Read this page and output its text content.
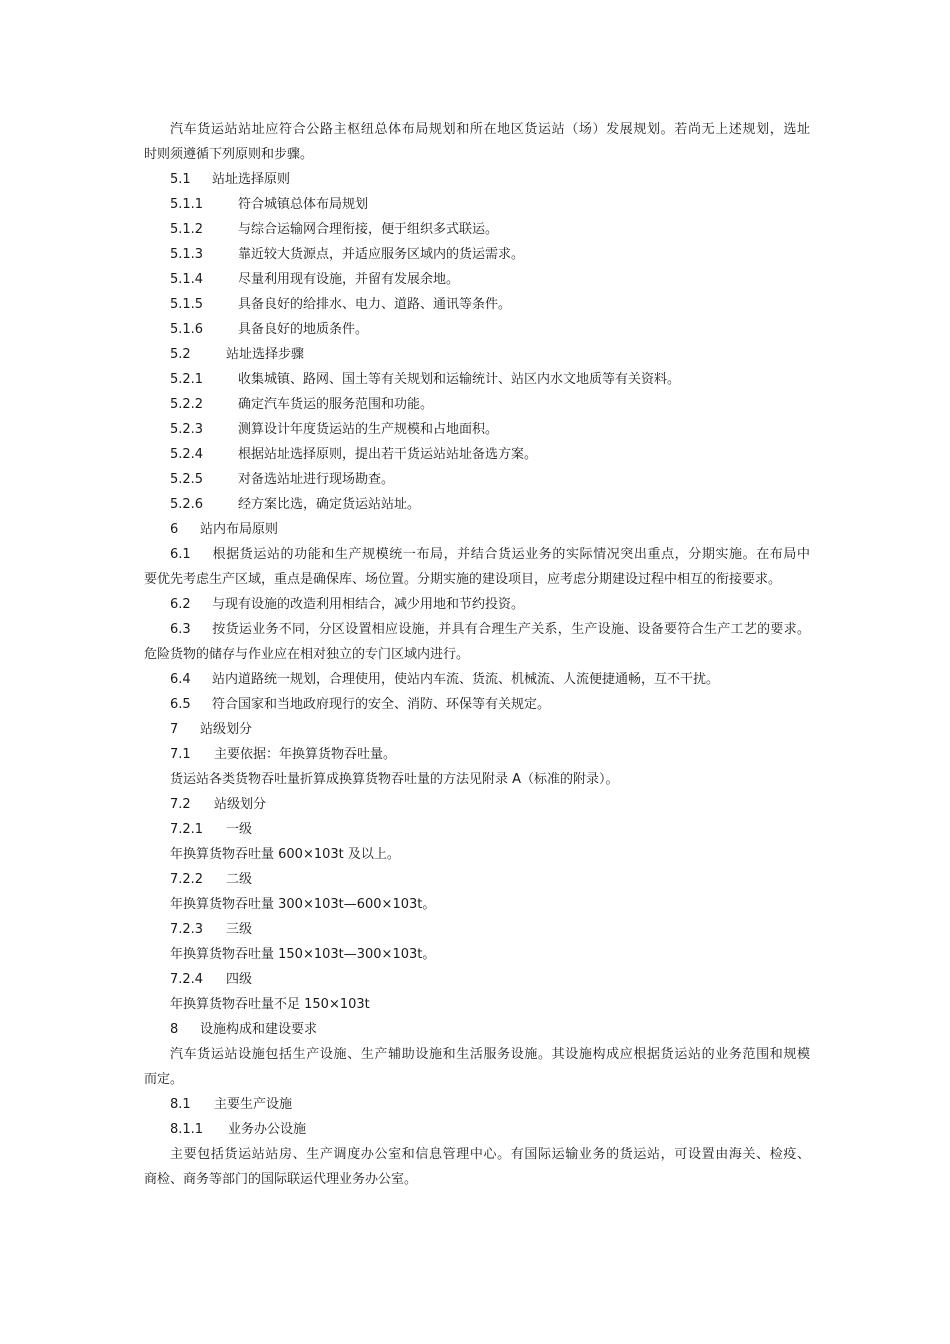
汽车货运站站址应符合公路主枢纽总体布局规划和所在地区货运站（场）发展规划。若尚无上述规划，选址
时则须遵循下列原则和步骤。
5.1 站址选择原则
5.1.1	符合城镇总体布局规划
5.1.2	与综合运输网合理衔接，便于组织多式联运。
5.1.3	靠近较大货源点，并适应服务区域内的货运需求。
5.1.4	尽量利用现有设施，并留有发展余地。
5.1.5	具备良好的给排水、电力、道路、通讯等条件。
5.1.6	具备良好的地质条件。
5.2	站址选择步骤
5.2.1	收集城镇、路网、国土等有关规划和运输统计、站区内水文地质等有关资料。
5.2.2	确定汽车货运的服务范围和功能。
5.2.3	测算设计年度货运站的生产规模和占地面积。
5.2.4	根据站址选择原则，提出若干货运站站址备选方案。
5.2.5	对备选站址进行现场勘查。
5.2.6	经方案比选，确定货运站站址。
6 站内布局原则
6.1 根据货运站的功能和生产规模统一布局，并结合货运业务的实际情况突出重点，分期实施。在布局中
要优先考虑生产区域，重点是确保库、场位置。分期实施的建设项目，应考虑分期建设过程中相互的衔接要求。
6.2 与现有设施的改造利用相结合，减少用地和节约投资。
6.3 按货运业务不同，分区设置相应设施，并具有合理生产关系，生产设施、设备要符合生产工艺的要求。
危险货物的储存与作业应在相对独立的专门区域内进行。
6.4 站内道路统一规划，合理使用，使站内车流、货流、机械流、人流便捷通畅，互不干扰。
6.5 符合国家和当地政府现行的安全、消防、环保等有关规定。
7 站级划分
7.1 主要依据：年换算货物吞吐量。
货运站各类货物吞吐量折算成换算货物吞吐量的方法见附录 A（标准的附录）。
7.2 站级划分
7.2.1 一级
年换算货物吞吐量 600×103t 及以上。
7.2.2 二级
年换算货物吞吐量 300×103t—600×103t。
7.2.3 三级
年换算货物吞吐量 150×103t—300×103t。
7.2.4 四级
年换算货物吞吐量不足 150×103t
8 设施构成和建设要求
汽车货运站设施包括生产设施、生产辅助设施和生活服务设施。其设施构成应根据货运站的业务范围和规模
而定。
8.1 主要生产设施
8.1.1 业务办公设施
主要包括货运站站房、生产调度办公室和信息管理中心。有国际运输业务的货运站，可设置由海关、检疫、
商检、商务等部门的国际联运代理业务办公室。
